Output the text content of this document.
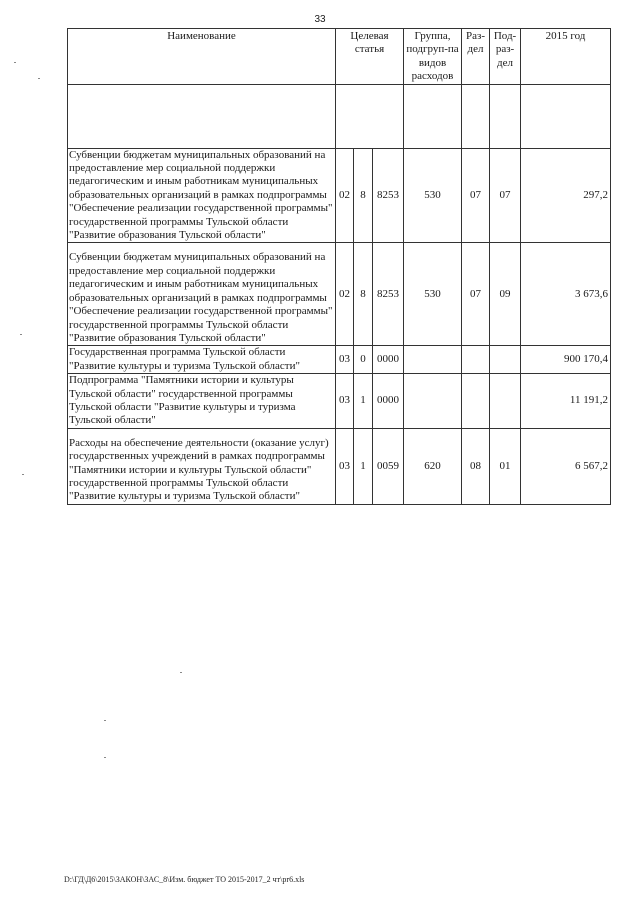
33
Наименование	Целевая статья			Группа, подгруп-па видов расходов	Раз-дел	Под-раз-дел	2015 год

Субвенции бюджетам муниципальных образований на предоставление мер социальной поддержки педагогическим и иным работникам муниципальных образовательных организаций в рамках подпрограммы "Обеспечение реализации государственной программы" государственной программы Тульской области "Развитие образования Тульской области"	02	8	8253	530	07	07	297,2
Субвенции бюджетам муниципальных образований на предоставление мер социальной поддержки педагогическим и иным работникам муниципальных образовательных организаций в рамках подпрограммы "Обеспечение реализации государственной программы" государственной программы Тульской области "Развитие образования Тульской области"	02	8	8253	530	07	09	3 673,6
Государственная программа Тульской области "Развитие культуры и туризма Тульской области"	03	0	0000				900 170,4
Подпрограмма "Памятники истории и культуры Тульской области" государственной программы Тульской области "Развитие культуры и туризма Тульской области"	03	1	0000				11 191,2
Расходы на обеспечение деятельности (оказание услуг) государственных учреждений в рамках подпрограммы "Памятники истории и культуры Тульской области" государственной программы Тульской области "Развитие культуры и туризма Тульской области"	03	1	0059	620	08	01	6 567,2
D:\ГД\Д6\2015\ЗАКОН\ЗАС_8\Изм. бюджет ТО 2015-2017_2 чт\pr6.xls
